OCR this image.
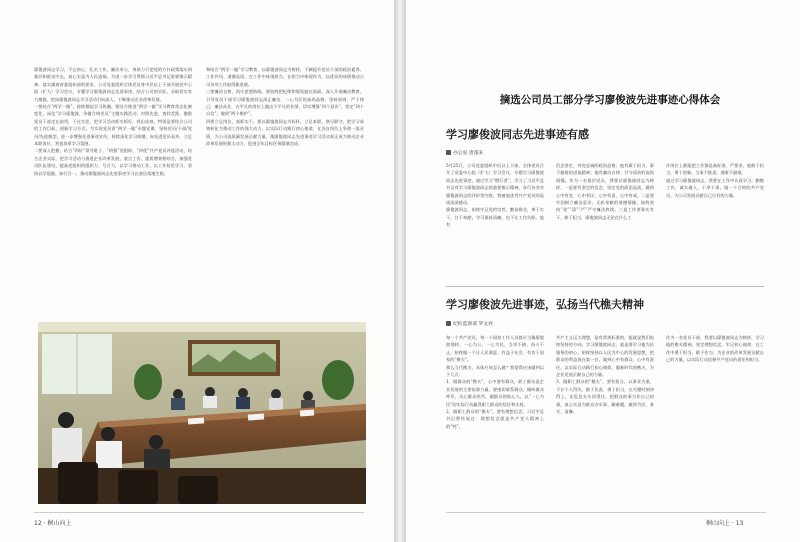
廖俊波同志学习，不忘初心，扎实工作，廉洁奉公，身体力行把党的方针政策落实到基层和群众中去，真心实意为人民造福。为进一步学习贯彻习近平总书记重要指示精神，落实湖南省委组织部的要求，公司党委组织全体党员身中层以上干部开展党中心组（扩大）学习会议，专题学习廖俊波同志先进事迹，结合公司的实际，采取切实有力措施，把向廖俊波同志学习活动引向深入，不断推动企业改革发展。
一要结合“两学一做”，持续掀起学习热潮。要结合推进“两学一做”学习教育常态化制度化，深化“学习廖俊波，争做合格党员”主题实践活动，对照先进，查找差距，激励党员干部走在前列，干在实处，把学习活动抓实抓好，抓出成效，特别是要结合公司的工作目标，创新学习方式，为实现党员讲“两学一做”专题党课，坚持党员/干部/党员/先进典型，进一步增强先进事迹宣传，持续深化学习热潮，向先进党员看齐，立足本职岗位，营造浓厚学习氛围。
二要深入把握，结合“四好”领导班子、“四强”党组织、“四优”共产党员评选活动，结合企业实际，把学习活动与推进企业改革发展、重点工作、提质增效相结合，加强党员队伍建设，提高党组织的组织力、号召力，以学习推动工作，以工作检验学习，坚持以学促做、知行合一，推动廖俊波同志先进事迹学习在基层落地生根。

和结合“两学一做”学习教育，以廖俊波同志为榜样，不断提升党员干部的政治素养、工作作风、道德品质，在工作中体现担当，在担当中体现作为，以优异的成绩推动公司各项工作取得新进展。
三要廉洁自律，筑牢思想防线。要始终把纪律和规矩挺在前面，深入开展廉洁教育，引导党员干部学习廖俊波同志清正廉洁、一心为民的高尚品格，坚持原则，严于律己，廉洁从业，在平凡的岗位上做出不平凡的业绩，切实增强“四个意识”，坚定“四个自信”，做到“两个维护”。
四要立足岗位，真抓实干。要以廖俊波同志为标杆，立足本职，恪尽职守，把学习成效转化为推动工作的强大动力，以实际行动践行初心使命，在各自岗位上争创一流业绩，为公司高质量发展贡献力量，使廖俊波同志先进事迹学习活动真正成为推动企业改革发展的强大动力，促进全年目标任务圆满完成。

12 · 桐山向上
摘选公司员工部分学习廖俊波先进事迹心得体会
学习廖俊波同志先进事迹有感
办公室 唐蓬来

5月25日，公司党委组织中层以上干部、全体党员召开了党委中心组（扩大）学习会议，专题学习廖俊波同志先进事迹，通过学习“燃灯者”，学习了习近平总书记对学习廖俊波同志的重要指示精神，各行各业对廖俊波同志的评价等内容，我被他优秀共产党员的品质深深感动。
廖俊波同志，始终牢记党的宗旨，勤奋敬业，善于实干，甘于奉献，守可保持清廉，也不让工作失职。他有

信念坚定、对党忠诚的政治品格；他有敢于担当、事不避难的进取精神；他有廉洁自律、甘守清贫的高尚情操。作为一名基层党员，我要以廖俊波同志为榜样，一是要有坚定的信念，坚定党的政治品质，做到心中有党、心中有民、心中有责、心中有戒。二是要牢固树立廉洁意识，无私奉献的道德情操，始终坚持“金”“清”“严”严守廉洁底线。三是工作要务实有干，敢于担当，廖俊波同志无论在什么工

作岗位上都能把工作都是高标准、严要求，他敢于担当，勇于创新，当事不推责，遇事不避难。
通过学习廖俊波同志，我要在工作中认真学习，勤勉工作，诚实做人，干净干事，做一个合格的共产党员，为公司发展贡献自己应有的力量。

学习廖俊波先进事迹，弘扬当代樵夫精神
纪检监察部 罗文亮

每一个共产党员，每一个国家工作人员都应当像廖俊波那样，一心为公、一心为民，当审不挠，奋斗不止，始终做一个让人民满意、有益于社会、有功于国家的“樵夫”。
那么当代樵夫，具体应该怎么做？我觉得应该做到以下几点：
1、做群众的“樵夫”，心中要有群众，职工群众是企业发展的主要依靠力量，要密切联系群众，倾听群众呼声，关心群众疾苦，做群众的贴心人，以“一心为民”的实际行动赢得职工群众的信任和支持。
2、做职工群众的“樵夫”，要有理想信念，习近平总书记曾经说过：理想信念就是共产党人精神上的“钙”，

共产主义远大理想，是有常规标准的，能就是我们始终坚持的方向。学习廖俊波同志，就是要学习他为民服务的初心，始终坚持以人民为中心的发展思想，把群众的利益放在第一位，做到心中有群众、心中有责任，以实际行动践行初心使命，做新时代的樵夫，为企业发展贡献自己的力量。
3、做职工群众的“樵夫”，要有担当，以事业为重，不计个人得失，敢于负责，勇于担当，在关键时刻冲得上，在危急关头顶得住，把群众的事当作自己的事，真心实意为群众办实事、解难题，做到为民、务实、清廉。

作为一名党员干部，我要以廖俊波同志为榜样，学习他的樵夫精神，坚定理想信念，牢记初心使命，在工作中勇于担当，敢于作为，为企业的改革发展贡献自己的力量，以实际行动诠释共产党员的责任和担当。

桐山向上 · 13
